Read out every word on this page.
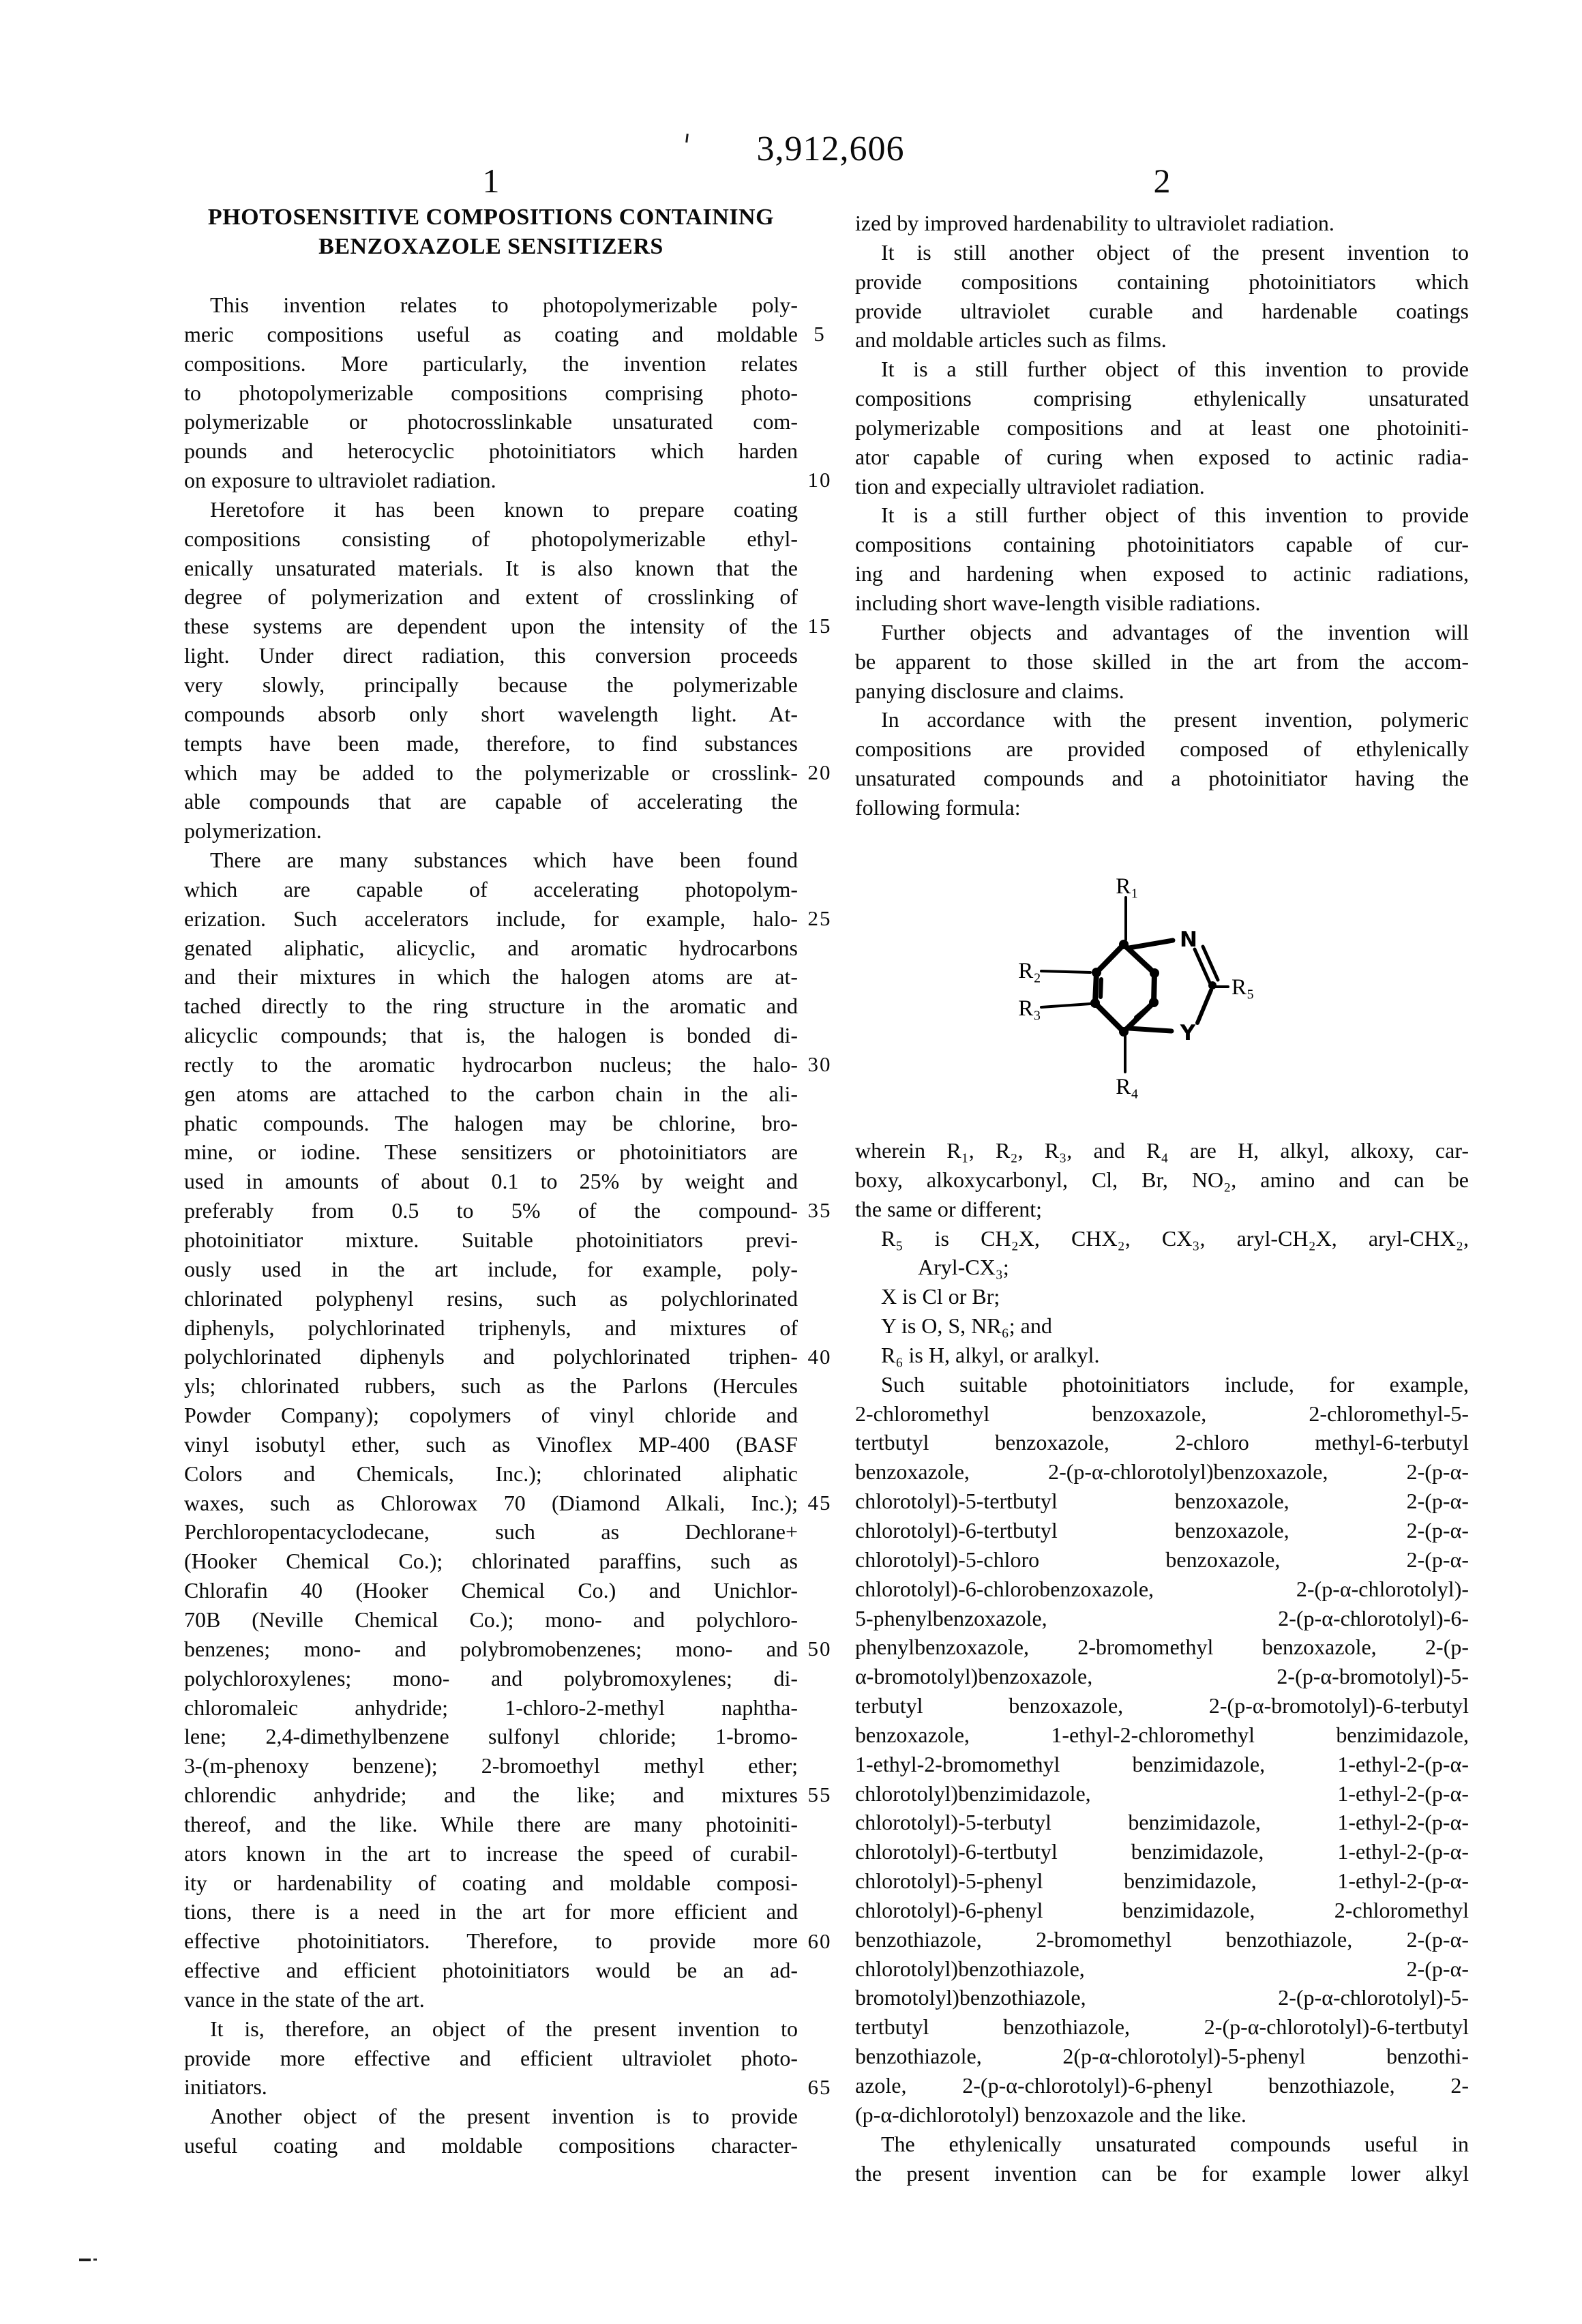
3,912,606
1	2
PHOTOSENSITIVE COMPOSITIONS CONTAINING
BENZOXAZOLE SENSITIZERS
5
10
15
20
25
30
35
40
45
50
55
60
65
This invention relates to photopolymerizable poly-
meric compositions useful as coating and moldable
compositions. More particularly, the invention relates
to photopolymerizable compositions comprising photo-
polymerizable or photocrosslinkable unsaturated com-
pounds and heterocyclic photoinitiators which harden
on exposure to ultraviolet radiation.
Heretofore it has been known to prepare coating
compositions consisting of photopolymerizable ethyl-
enically unsaturated materials. It is also known that the
degree of polymerization and extent of crosslinking of
these systems are dependent upon the intensity of the
light. Under direct radiation, this conversion proceeds
very slowly, principally because the polymerizable
compounds absorb only short wavelength light. At-
tempts have been made, therefore, to find substances
which may be added to the polymerizable or crosslink-
able compounds that are capable of accelerating the
polymerization.
There are many substances which have been found
which are capable of accelerating photopolym-
erization. Such accelerators include, for example, halo-
genated aliphatic, alicyclic, and aromatic hydrocarbons
and their mixtures in which the halogen atoms are at-
tached directly to the ring structure in the aromatic and
alicyclic compounds; that is, the halogen is bonded di-
rectly to the aromatic hydrocarbon nucleus; the halo-
gen atoms are attached to the carbon chain in the ali-
phatic compounds. The halogen may be chlorine, bro-
mine, or iodine. These sensitizers or photoinitiators are
used in amounts of about 0.1 to 25% by weight and
preferably from 0.5 to 5% of the compound-
photoinitiator mixture. Suitable photoinitiators previ-
ously used in the art include, for example, poly-
chlorinated polyphenyl resins, such as polychlorinated
diphenyls, polychlorinated triphenyls, and mixtures of
polychlorinated diphenyls and polychlorinated triphen-
yls; chlorinated rubbers, such as the Parlons (Hercules
Powder Company); copolymers of vinyl chloride and
vinyl isobutyl ether, such as Vinoflex MP-400 (BASF
Colors and Chemicals, Inc.); chlorinated aliphatic
waxes, such as Chlorowax 70 (Diamond Alkali, Inc.);
Perchloropentacyclodecane, such as Dechlorane+
(Hooker Chemical Co.); chlorinated paraffins, such as
Chlorafin 40 (Hooker Chemical Co.) and Unichlor-
70B (Neville Chemical Co.); mono- and polychloro-
benzenes; mono- and polybromobenzenes; mono- and
polychloroxylenes; mono- and polybromoxylenes; di-
chloromaleic anhydride; 1-chloro-2-methyl naphtha-
lene; 2,4-dimethylbenzene sulfonyl chloride; 1-bromo-
3-(m-phenoxy benzene); 2-bromoethyl methyl ether;
chlorendic anhydride; and the like; and mixtures
thereof, and the like. While there are many photoiniti-
ators known in the art to increase the speed of curabil-
ity or hardenability of coating and moldable composi-
tions, there is a need in the art for more efficient and
effective photoinitiators. Therefore, to provide more
effective and efficient photoinitiators would be an ad-
vance in the state of the art.
It is, therefore, an object of the present invention to
provide more effective and efficient ultraviolet photo-
initiators.
Another object of the present invention is to provide
useful coating and moldable compositions character-
ized by improved hardenability to ultraviolet radiation.
It is still another object of the present invention to
provide compositions containing photoinitiators which
provide ultraviolet curable and hardenable coatings
and moldable articles such as films.
It is a still further object of this invention to provide
compositions comprising ethylenically unsaturated
polymerizable compositions and at least one photoiniti-
ator capable of curing when exposed to actinic radia-
tion and expecially ultraviolet radiation.
It is a still further object of this invention to provide
compositions containing photoinitiators capable of cur-
ing and hardening when exposed to actinic radiations,
including short wave-length visible radiations.
Further objects and advantages of the invention will
be apparent to those skilled in the art from the accom-
panying disclosure and claims.
In accordance with the present invention, polymeric
compositions are provided composed of ethylenically
unsaturated compounds and a photoinitiator having the
following formula:
wherein R₁, R₂, R₃, and R₄ are H, alkyl, alkoxy, car-
boxy, alkoxycarbonyl, Cl, Br, NO₂, amino and can be
the same or different;
R₅ is CH₂X, CHX₂, CX₃, aryl-CH₂X, aryl-CHX₂,
Aryl-CX₃;
X is Cl or Br;
Y is O, S, NR₆; and
R₆ is H, alkyl, or aralkyl.
Such suitable photoinitiators include, for example,
2-chloromethyl benzoxazole, 2-chloromethyl-5-
tertbutyl benzoxazole, 2-chloro methyl-6-terbutyl
benzoxazole, 2-(p-α-chlorotolyl)benzoxazole, 2-(p-α-
chlorotolyl)-5-tertbutyl benzoxazole, 2-(p-α-
chlorotolyl)-6-tertbutyl benzoxazole, 2-(p-α-
chlorotolyl)-5-chloro benzoxazole, 2-(p-α-
chlorotolyl)-6-chlorobenzoxazole, 2-(p-α-chlorotolyl)-
5-phenylbenzoxazole, 2-(p-α-chlorotolyl)-6-
phenylbenzoxazole, 2-bromomethyl benzoxazole, 2-(p-
α-bromotolyl)benzoxazole, 2-(p-α-bromotolyl)-5-
terbutyl benzoxazole, 2-(p-α-bromotolyl)-6-terbutyl
benzoxazole, 1-ethyl-2-chloromethyl benzimidazole,
1-ethyl-2-bromomethyl benzimidazole, 1-ethyl-2-(p-α-
chlorotolyl)benzimidazole, 1-ethyl-2-(p-α-
chlorotolyl)-5-terbutyl benzimidazole, 1-ethyl-2-(p-α-
chlorotolyl)-6-tertbutyl benzimidazole, 1-ethyl-2-(p-α-
chlorotolyl)-5-phenyl benzimidazole, 1-ethyl-2-(p-α-
chlorotolyl)-6-phenyl benzimidazole, 2-chloromethyl
benzothiazole, 2-bromomethyl benzothiazole, 2-(p-α-
chlorotolyl)benzothiazole, 2-(p-α-
bromotolyl)benzothiazole, 2-(p-α-chlorotolyl)-5-
tertbutyl benzothiazole, 2-(p-α-chlorotolyl)-6-tertbutyl
benzothiazole, 2(p-α-chlorotolyl)-5-phenyl benzothi-
azole, 2-(p-α-chlorotolyl)-6-phenyl benzothiazole, 2-
(p-α-dichlorotolyl) benzoxazole and the like.
The ethylenically unsaturated compounds useful in
the present invention can be for example lower alkyl
R₁
R₂
R₃
R₄
R₅
N
Y
